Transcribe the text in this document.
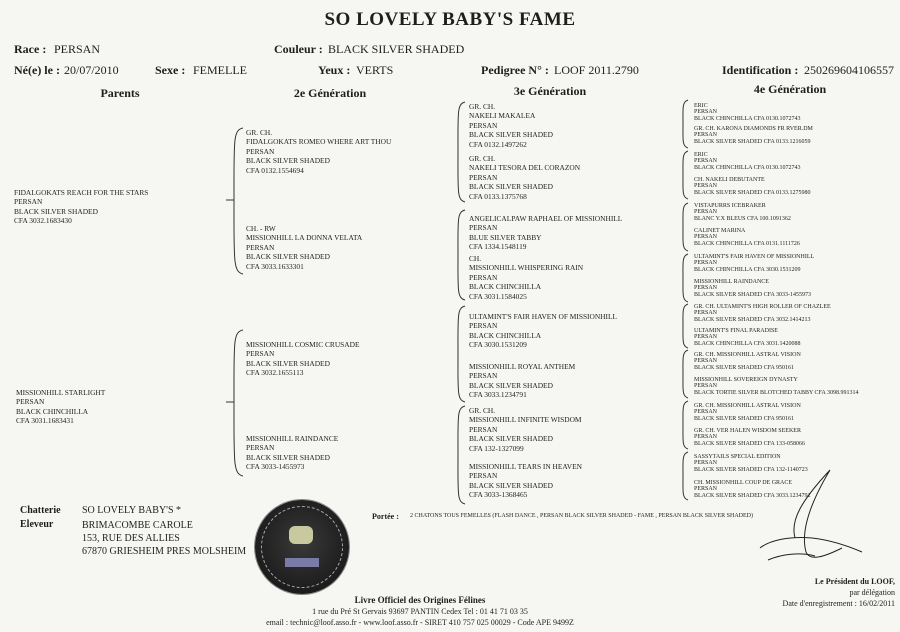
SO LOVELY BABY'S FAME
Race : PERSAN	Couleur : BLACK SILVER SHADED
Né(e) le : 20/07/2010	Sexe : FEMELLE	Yeux : VERTS	Pedigree N° : LOOF 2011.2790	Identification : 250269604106557
Parents	2e Génération	3e Génération	4e Génération
FIDALGOKATS REACH FOR THE STARS
PERSAN
BLACK SILVER SHADED
CFA 3032.1683430
MISSIONHILL STARLIGHT
PERSAN
BLACK CHINCHILLA
CFA 3031.1683431
GR. CH.
FIDALGOKATS ROMEO WHERE ART THOU
PERSAN
BLACK SILVER SHADED
CFA 0132.1554694
CH. - RW
MISSIONHILL LA DONNA VELATA
PERSAN
BLACK SILVER SHADED
CFA 3033.1633301
MISSIONHILL COSMIC CRUSADE
PERSAN
BLACK SILVER SHADED
CFA 3032.1655113
MISSIONHILL RAINDANCE
PERSAN
BLACK SILVER SHADED
CFA 3033-1455973
GR. CH.
NAKELI MAKALEA
PERSAN
BLACK SILVER SHADED
CFA 0132.1497262
GR. CH.
NAKELI TESORA DEL CORAZON
PERSAN
BLACK SILVER SHADED
CFA 0133.1375768
ANGELICALPAW RAPHAEL OF MISSIONHILL
PERSAN
BLUE SILVER TABBY
CFA 1334.1548119
CH.
MISSIONHILL WHISPERING RAIN
PERSAN
BLACK CHINCHILLA
CFA 3031.1584025
ULTAMINT'S FAIR HAVEN OF MISSIONHILL
PERSAN
BLACK CHINCHILLA
CFA 3030.1531209
MISSIONHILL ROYAL ANTHEM
PERSAN
BLACK SILVER SHADED
CFA 3033.1234791
GR. CH.
MISSIONHILL INFINITE WISDOM
PERSAN
BLACK SILVER SHADED
CFA 132-1327099
MISSIONHILL TEARS IN HEAVEN
PERSAN
BLACK SILVER SHADED
CFA 3033-1368465
ERIC
PERSAN
BLACK CHINCHILLA CFA 0130.1072743
GR. CH. KARONA DIAMONDS FR RVER.DM
PERSAN
BLACK SILVER SHADED CFA 0133.1216059
ERIC
PERSAN
BLACK CHINCHILLA CFA 0130.1072743
CH. NAKELI DEBUTANTE
PERSAN
BLACK SILVER SHADED CFA 0133.1275980
VISTAPURRS ICEBRAKER
PERSAN
BLANC Y.X BLEUS CFA 100.1091362
CALINET MARINA
PERSAN
BLACK CHINCHILLA CFA 0131.1111726
ULTAMINT'S FAIR HAVEN OF MISSIONHILL
PERSAN
BLACK CHINCHILLA CFA 3030.1531209
MISSIONHILL RAINDANCE
PERSAN
BLACK SILVER SHADED CFA 3033-1455973
GR. CH. ULTAMINT'S HIGH ROLLER OF CHAZLEE
PERSAN
BLACK SILVER SHADED CFA 3032.1414213
ULTAMINT'S FINAL PARADISE
PERSAN
BLACK CHINCHILLA CFA 3031.1420088
GR. CH. MISSIONHILL ASTRAL VISION
PERSAN
BLACK SILVER SHADED CFA 950161
MISSIONHILL SOVEREIGN DYNASTY
PERSAN
BLACK TORTIE SILVER BLOTCHED TABBY CFA 3098.991314
GR. CH. MISSIONHILL ASTRAL VISION
PERSAN
BLACK SILVER SHADED CFA 950161
GR. CH. VER HALEN WISDOM SEEKER
PERSAN
BLACK SILVER SHADED CFA 133-058066
SASSYTAILS SPECIAL EDITION
PERSAN
BLACK SILVER SHADED CFA 132-1140723
CH. MISSIONHILL COUP DE GRACE
PERSAN
BLACK SILVER SHADED CFA 3033.1234792
Chatterie SO LOVELY BABY'S *
Eleveur	BRIMACOMBE CAROLE
153, RUE DES ALLIES
67870 GRIESHEIM PRES MOLSHEIM
Portée : 2 CHATONS TOUS FEMELLES (FLASH DANCE , PERSAN BLACK SILVER SHADED - FAME , PERSAN BLACK SILVER SHADED)
Livre Officiel des Origines Félines
1 rue du Pré St Gervais 93697 PANTIN Cedex Tel : 01 41 71 03 35
email : technic@loof.asso.fr - www.loof.asso.fr - SIRET 410 757 025 00029 - Code APE 9499Z
Le Président du LOOF,
par délégation
Date d'enregistrement : 16/02/2011
